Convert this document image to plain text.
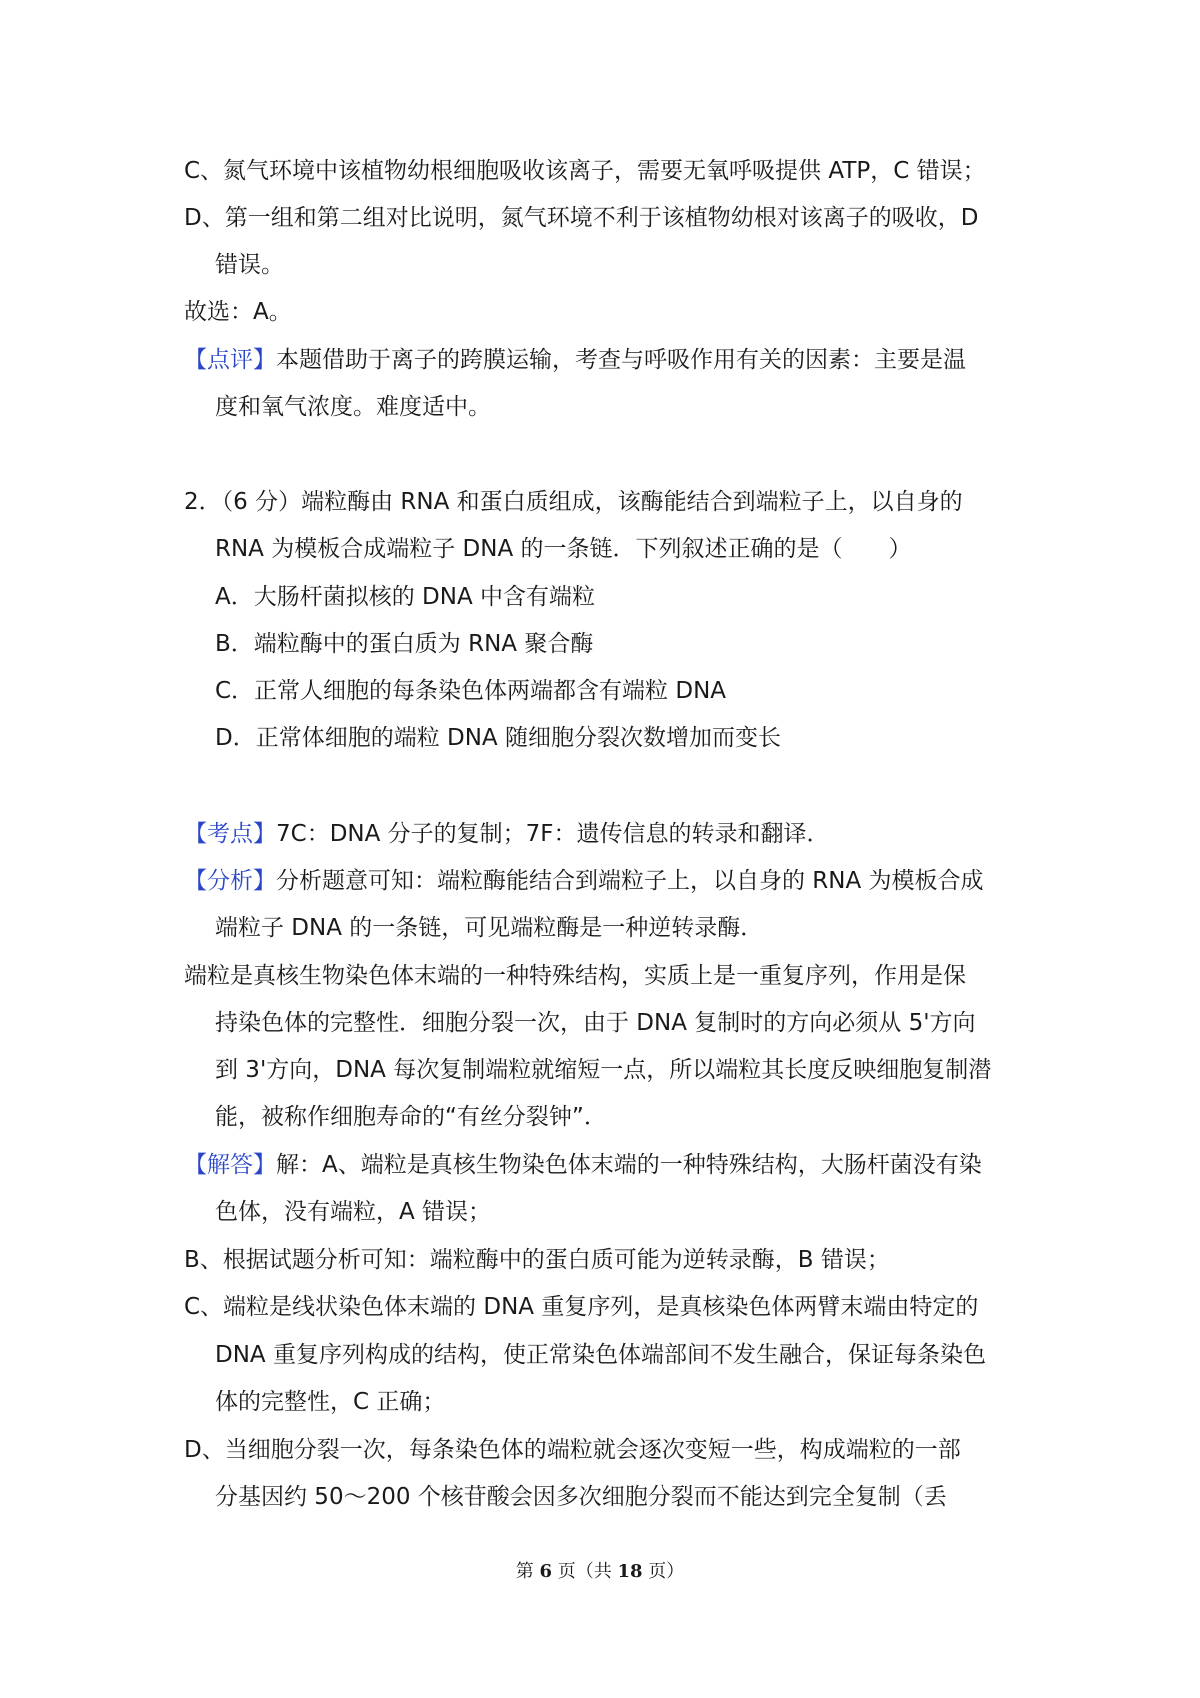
C、氮气环境中该植物幼根细胞吸收该离子，需要无氧呼吸提供 ATP，C 错误；
D、第一组和第二组对比说明，氮气环境不利于该植物幼根对该离子的吸收，D
错误。
故选：A。
【点评】本题借助于离子的跨膜运输，考查与呼吸作用有关的因素：主要是温
度和氧气浓度。难度适中。
2．（6 分）端粒酶由 RNA 和蛋白质组成，该酶能结合到端粒子上，以自身的
RNA 为模板合成端粒子 DNA 的一条链．下列叙述正确的是（　　）
A．大肠杆菌拟核的 DNA 中含有端粒
B．端粒酶中的蛋白质为 RNA 聚合酶
C．正常人细胞的每条染色体两端都含有端粒 DNA
D．正常体细胞的端粒 DNA 随细胞分裂次数增加而变长
【考点】7C：DNA 分子的复制；7F：遗传信息的转录和翻译．
【分析】分析题意可知：端粒酶能结合到端粒子上，以自身的 RNA 为模板合成
端粒子 DNA 的一条链，可见端粒酶是一种逆转录酶．
端粒是真核生物染色体末端的一种特殊结构，实质上是一重复序列，作用是保
持染色体的完整性．细胞分裂一次，由于 DNA 复制时的方向必须从 5'方向
到 3'方向，DNA 每次复制端粒就缩短一点，所以端粒其长度反映细胞复制潜
能，被称作细胞寿命的“有丝分裂钟”．
【解答】解：A、端粒是真核生物染色体末端的一种特殊结构，大肠杆菌没有染
色体，没有端粒，A 错误；
B、根据试题分析可知：端粒酶中的蛋白质可能为逆转录酶，B 错误；
C、端粒是线状染色体末端的 DNA 重复序列，是真核染色体两臂末端由特定的
DNA 重复序列构成的结构，使正常染色体端部间不发生融合，保证每条染色
体的完整性，C 正确；
D、当细胞分裂一次，每条染色体的端粒就会逐次变短一些，构成端粒的一部
分基因约 50～200 个核苷酸会因多次细胞分裂而不能达到完全复制（丢
第 6 页（共 18 页）
